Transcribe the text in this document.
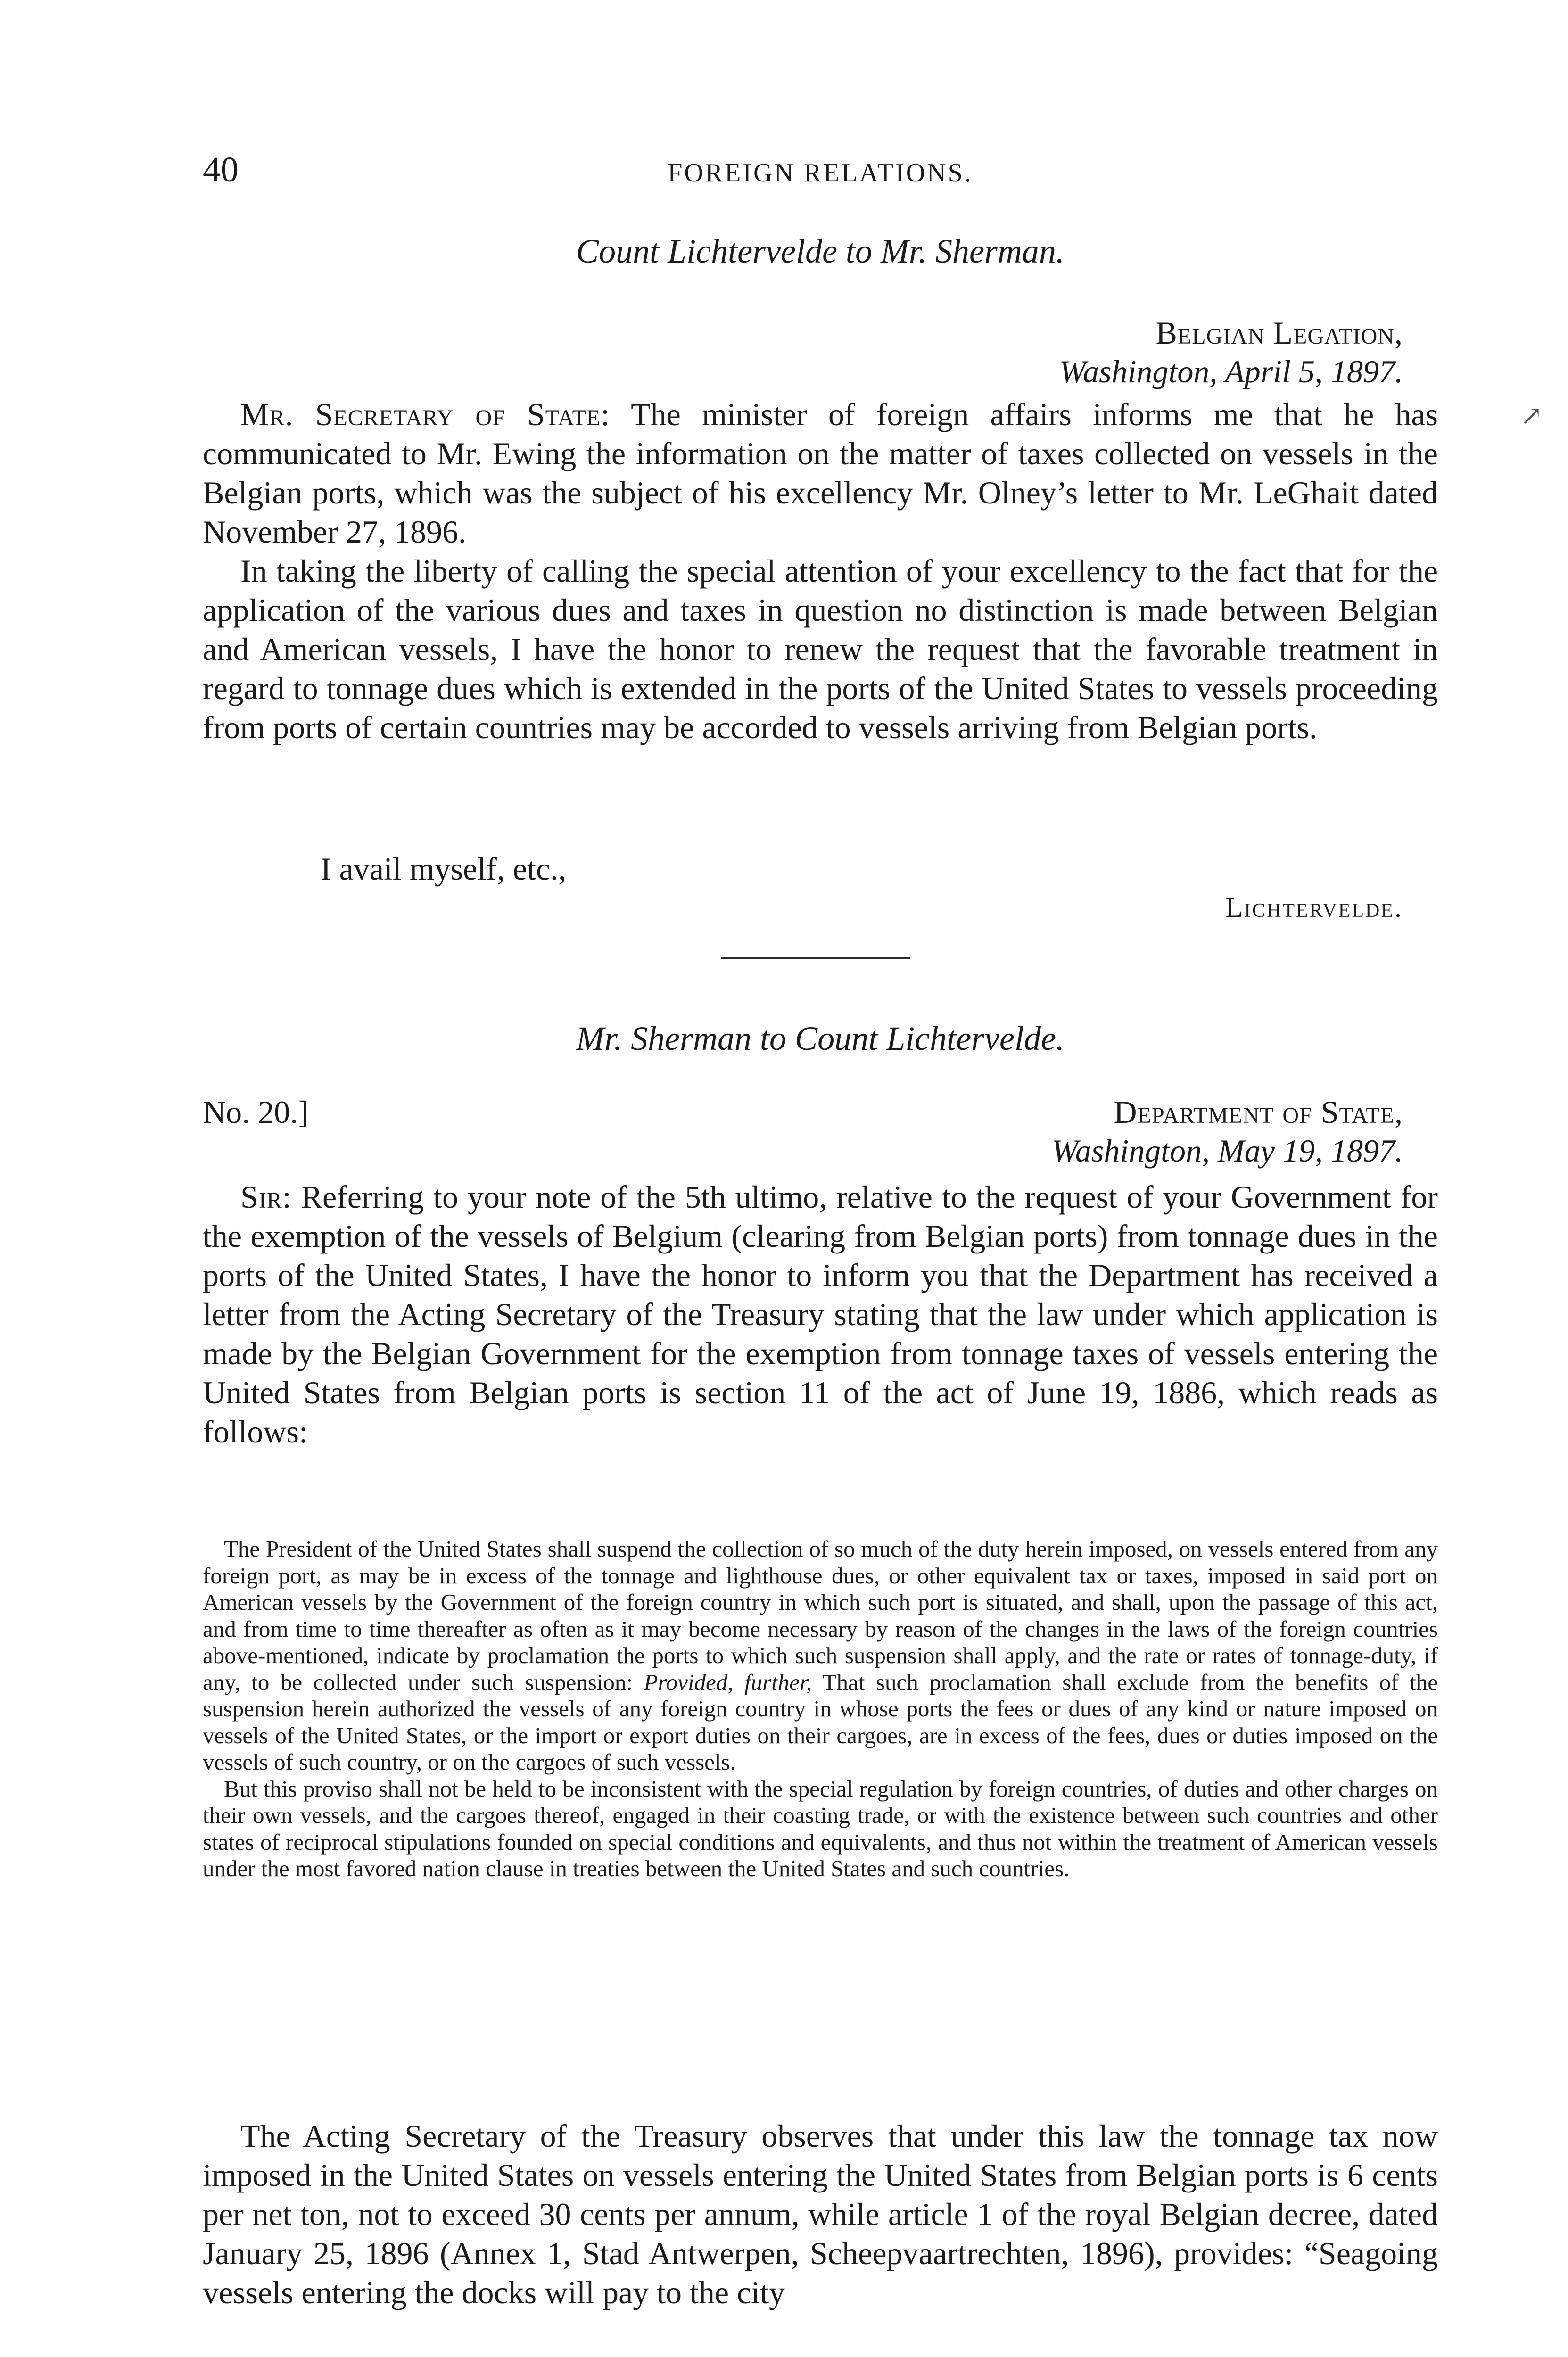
40	FOREIGN RELATIONS.
Count Lichtervelde to Mr. Sherman.
Belgian Legation,
Washington, April 5, 1897.

Mr. Secretary of State: The minister of foreign affairs informs me that he has communicated to Mr. Ewing the information on the matter of taxes collected on vessels in the Belgian ports, which was the subject of his excellency Mr. Olney’s letter to Mr. LeGhait dated November 27, 1896.

In taking the liberty of calling the special attention of your excellency to the fact that for the application of the various dues and taxes in question no distinction is made between Belgian and American vessels, I have the honor to renew the request that the favorable treatment in regard to tonnage dues which is extended in the ports of the United States to vessels proceeding from ports of certain countries may be accorded to vessels arriving from Belgian ports.

I avail myself, etc.,
Lichtervelde.
Mr. Sherman to Count Lichtervelde.
No. 20.]	Department of State,
Washington, May 19, 1897.

Sir: Referring to your note of the 5th ultimo, relative to the request of your Government for the exemption of the vessels of Belgium (clearing from Belgian ports) from tonnage dues in the ports of the United States, I have the honor to inform you that the Department has received a letter from the Acting Secretary of the Treasury stating that the law under which application is made by the Belgian Government for the exemption from tonnage taxes of vessels entering the United States from Belgian ports is section 11 of the act of June 19, 1886, which reads as follows:

The President of the United States shall suspend the collection of so much of the duty herein imposed, on vessels entered from any foreign port, as may be in excess of the tonnage and lighthouse dues, or other equivalent tax or taxes, imposed in said port on American vessels by the Government of the foreign country in which such port is situated, and shall, upon the passage of this act, and from time to time thereafter as often as it may become necessary by reason of the changes in the laws of the foreign countries above-mentioned, indicate by proclamation the ports to which such suspension shall apply, and the rate or rates of tonnage-duty, if any, to be collected under such suspension: Provided, further, That such proclamation shall exclude from the benefits of the suspension herein authorized the vessels of any foreign country in whose ports the fees or dues of any kind or nature imposed on vessels of the United States, or the import or export duties on their cargoes, are in excess of the fees, dues or duties imposed on the vessels of such country, or on the cargoes of such vessels.

But this proviso shall not be held to be inconsistent with the special regulation by foreign countries, of duties and other charges on their own vessels, and the cargoes thereof, engaged in their coasting trade, or with the existence between such countries and other states of reciprocal stipulations founded on special conditions and equivalents, and thus not within the treatment of American vessels under the most favored nation clause in treaties between the United States and such countries.

The Acting Secretary of the Treasury observes that under this law the tonnage tax now imposed in the United States on vessels entering the United States from Belgian ports is 6 cents per net ton, not to exceed 30 cents per annum, while article 1 of the royal Belgian decree, dated January 25, 1896 (Annex 1, Stad Antwerpen, Scheepvaartrechten, 1896), provides: “Seagoing vessels entering the docks will pay to the city

↗
